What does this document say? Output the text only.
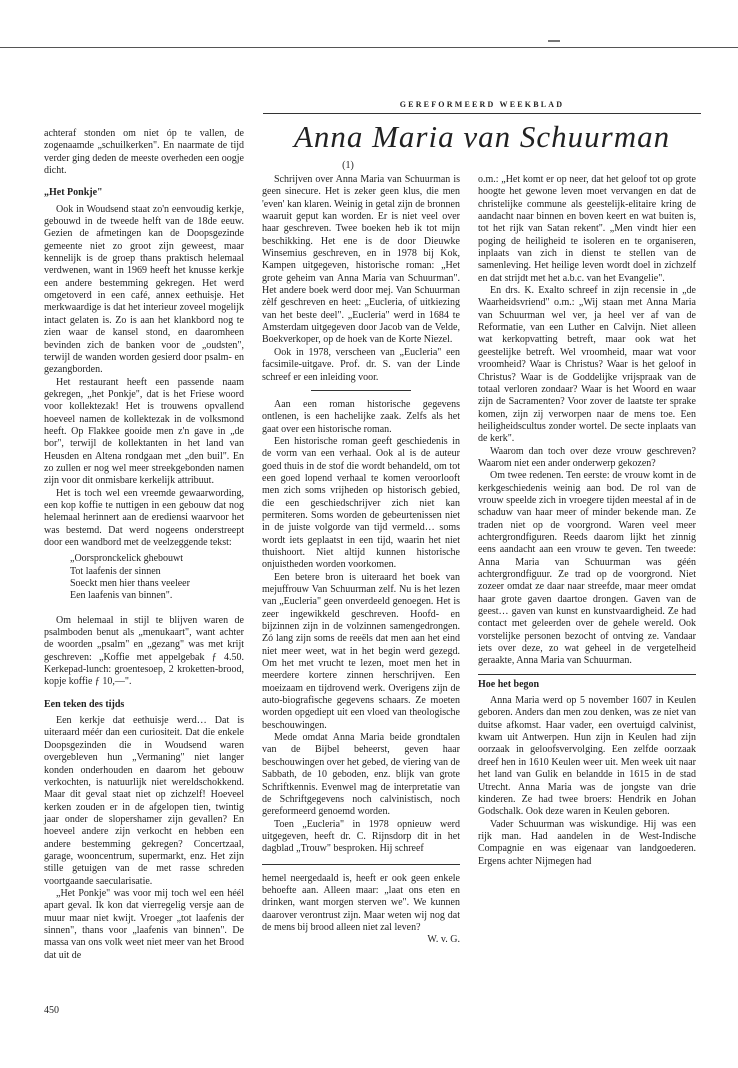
GEREFORMEERD WEEKBLAD
Anna Maria van Schuurman
(1)

achteraf stonden om niet óp te vallen, de zogenaamde „schuilkerken". En naarmate de tijd verder ging deden de meeste overheden een oogje dicht.

„Het Ponkje"

Ook in Woudsend staat zo'n eenvoudig kerkje, gebouwd in de tweede helft van de 18de eeuw. Gezien de afmetingen kan de Doopsgezinde gemeente niet zo groot zijn geweest, maar kennelijk is de groep thans praktisch helemaal verdwenen, want in 1969 heeft het knusse kerkje een andere bestemming gekregen. Het werd omgetoverd in een café, annex eethuisje. Het merkwaardige is dat het interieur zoveel mogelijk intact gelaten is. Zo is aan het klankbord nog te zien waar de kansel stond, en daaromheen bevinden zich de banken voor de „oudsten", terwijl de wanden worden gesierd door psalm- en gezangborden.

Het restaurant heeft een passende naam gekregen, „het Ponkje", dat is het Friese woord voor kollektezak! Het is trouwens opvallend hoeveel namen de kollektezak in de volksmond heeft. Op Flakkee gooide men z'n gave in „de bor", terwijl de kollektanten in het land van Heusden en Altena rondgaan met „den buil". En zo zullen er nog wel meer streekgebonden namen zijn voor dit onmisbare kerkelijk attribuut.

Het is toch wel een vreemde gewaarwording, een kop koffie te nuttigen in een gebouw dat nog helemaal herinnert aan de erediensi waarvoor het was bestemd. Dat werd nogeens onderstreept door een wandbord met de veelzeggende tekst:

„Oorspronckelick ghebouwt
Tot laafenis der sinnen
Soeckt men hier thans veeleer
Een laafenis van binnen".

Om helemaal in stijl te blijven waren de psalmboden benut als „menukaart", want achter de woorden „psalm" en „gezang" was met krijt geschreven: „Koffie met appelgebak ƒ 4.50. Kerkepad-lunch: groentesoep, 2 kroketten-brood, kopje koffie ƒ 10,—".

Een teken des tijds

Een kerkje dat eethuisje werd… Dat is uiteraard méér dan een curiositeit. Dat die enkele Doopsgezinden die in Woudsend waren overgebleven hun „Vermaning" niet langer konden onderhouden en daarom het gebouw verkochten, is natuurlijk niet wereldschokkend. Maar dit geval staat niet op zichzelf! Hoeveel kerken zouden er in de afgelopen tien, twintig jaar onder de slopershamer zijn gevallen? En hoeveel andere zijn verkocht en hebben een andere bestemming gekregen? Concertzaal, garage, wooncentrum, supermarkt, enz. Het zijn stille getuigen van de met rasse schreden voortgaande saecularisatie.

„Het Ponkje" was voor mij toch wel een héél apart geval. Ik kon dat vierregelig versje aan de muur maar niet kwijt. Vroeger „tot laafenis der sinnen", thans voor „laafenis van binnen". De massa van ons volk weet niet meer van het Brood dat uit de

Schrijven over Anna Maria van Schuurman is geen sinecure. Het is zeker geen klus, die men 'even' kan klaren. Weinig in getal zijn de bronnen waaruit geput kan worden. Er is niet veel over haar geschreven. Twee boeken heb ik tot mijn beschikking. Het ene is de door Dieuwke Winsemius geschreven, en in 1978 bij Kok, Kampen uitgegeven, historische roman: „Het grote geheim van Anna Maria van Schuurman". Het andere boek werd door mej. Van Schuurman zèlf geschreven en heet: „Eucleria, of uitkiezing van het beste deel". „Eucleria" werd in 1684 te Amsterdam uitgegeven door Jacob van de Velde, Boekverkoper, op de hoek van de Korte Niezel.

Ook in 1978, verscheen van „Eucleria" een facsimile-uitgave. Prof. dr. S. van der Linde schreef er een inleiding voor.

Aan een roman historische gegevens ontlenen, is een hachelijke zaak. Zelfs als het gaat over een historische roman.

Een historische roman geeft geschiedenis in de vorm van een verhaal. Ook al is de auteur goed thuis in de stof die wordt behandeld, om tot een goed lopend verhaal te komen veroorlooft men zich soms vrijheden op historisch gebied, die een geschiedschrijver zich niet kan permiteren. Soms worden de gebeurtenissen niet in de juiste volgorde van tijd vermeld… soms wordt iets geplaatst in een tijd, waarin het niet thuishoort. Niet altijd kunnen historische onjuistheden worden voorkomen.

Een betere bron is uiteraard het boek van mejuffrouw Van Schuurman zelf. Nu is het lezen van „Eucleria" geen onverdeeld genoegen. Het is zeer ingewikkeld geschreven. Hoofd- en bijzinnen zijn in de volzinnen samengedrongen. Zó lang zijn soms de reeëls dat men aan het eind niet meer weet, wat in het begin werd gezegd. Om het met vrucht te lezen, moet men het in meerdere kortere zinnen herschrijven. Een moeizaam en tijdrovend werk. Overigens zijn de auto-biografische gegevens schaars. Ze moeten worden opgediept uit een vloed van theologische beschouwingen.

Mede omdat Anna Maria beide grondtalen van de Bijbel beheerst, geven haar beschouwingen over het gebed, de viering van de Sabbath, de 10 geboden, enz. blijk van grote Schriftkennis. Evenwel mag de interpretatie van de Schriftgegevens noch calvinistisch, noch gereformeerd genoemd worden.

Toen „Eucleria" in 1978 opnieuw werd uitgegeven, heeft dr. C. Rijnsdorp dit in het dagblad „Trouw" besproken. Hij schreef

hemel neergedaald is, heeft er ook geen enkele behoefte aan. Alleen maar: „laat ons eten en drinken, want morgen sterven we". We kunnen daarover verontrust zijn. Maar weten wij nog dat de mens bij brood alleen niet zal leven?

W. v. G.

o.m.: „Het komt er op neer, dat het geloof tot op grote hoogte het gewone leven moet vervangen en dat de christelijke commune als geestelijk-elitaire kring de aandacht naar binnen en boven keert en wat buiten is, tot het rijk van Satan rekent". „Men vindt hier een poging de heiligheid te isoleren en te organiseren, inplaats van zich in dienst te stellen van de samenleving. Het heilige leven wordt doel in zichzelf en dat strijdt met het a.b.c. van het Evangelie".

En drs. K. Exalto schreef in zijn recensie in „de Waarheidsvriend" o.m.: „Wij staan met Anna Maria van Schuurman wel ver, ja heel ver af van de Reformatie, van een Luther en Calvijn. Niet alleen wat kerkopvatting betreft, maar ook wat het geestelijke betreft. Wel vroomheid, maar wat voor vroomheid? Waar is Christus? Waar is het geloof in Christus? Waar is de Goddelijke vrijspraak van de totaal verloren zondaar? Waar is het Woord en waar zijn de Sacramenten? Voor zover de laatste ter sprake komen, zijn zij verworpen naar de mens toe. Een heiligheidscultus zonder wortel. De secte inplaats van de kerk".

Waarom dan toch over deze vrouw geschreven? Waarom niet een ander onderwerp gekozen?

Om twee redenen. Ten eerste: de vrouw komt in de kerkgeschiedenis weinig aan bod. De rol van de vrouw speelde zich in vroegere tijden meestal af in de schaduw van haar meer of minder bekende man. Ze traden niet op de voorgrond. Waren veel meer achtergrondfiguren. Reeds daarom lijkt het zinnig eens aandacht aan een vrouw te geven. Ten tweede: Anna Maria van Schuurman was géén achtergrondfiguur. Ze trad op de voorgrond. Niet zozeer omdat ze daar naar streefde, maar meer omdat haar grote gaven daartoe drongen. Gaven van de geest… gaven van kunst en kunstvaardigheid. Ze had contact met geleerden over de gehele wereld. Ook vorstelijke personen bezocht of ontving ze. Vandaar iets over deze, zo wat geheel in de vergetelheid geraakte, Anna Maria van Schuurman.

Hoe het begon

Anna Maria werd op 5 november 1607 in Keulen geboren. Anders dan men zou denken, was ze niet van duitse afkomst. Haar vader, een overtuigd calvinist, kwam uit Antwerpen. Hun zijn in Keulen had zijn oorzaak in geloofsvervolging. Een zelfde oorzaak dreef hen in 1610 Keulen weer uit. Men week uit naar het land van Gulik en belandde in 1615 in de stad Utrecht. Anna Maria was de jongste van drie kinderen. Ze had twee broers: Hendrik en Johan Godschalk. Ook deze waren in Keulen geboren.

Vader Schuurman was wiskundige. Hij was een rijk man. Had aandelen in de West-Indische Compagnie en was eigenaar van landgoederen. Ergens achter Nijmegen had

450
